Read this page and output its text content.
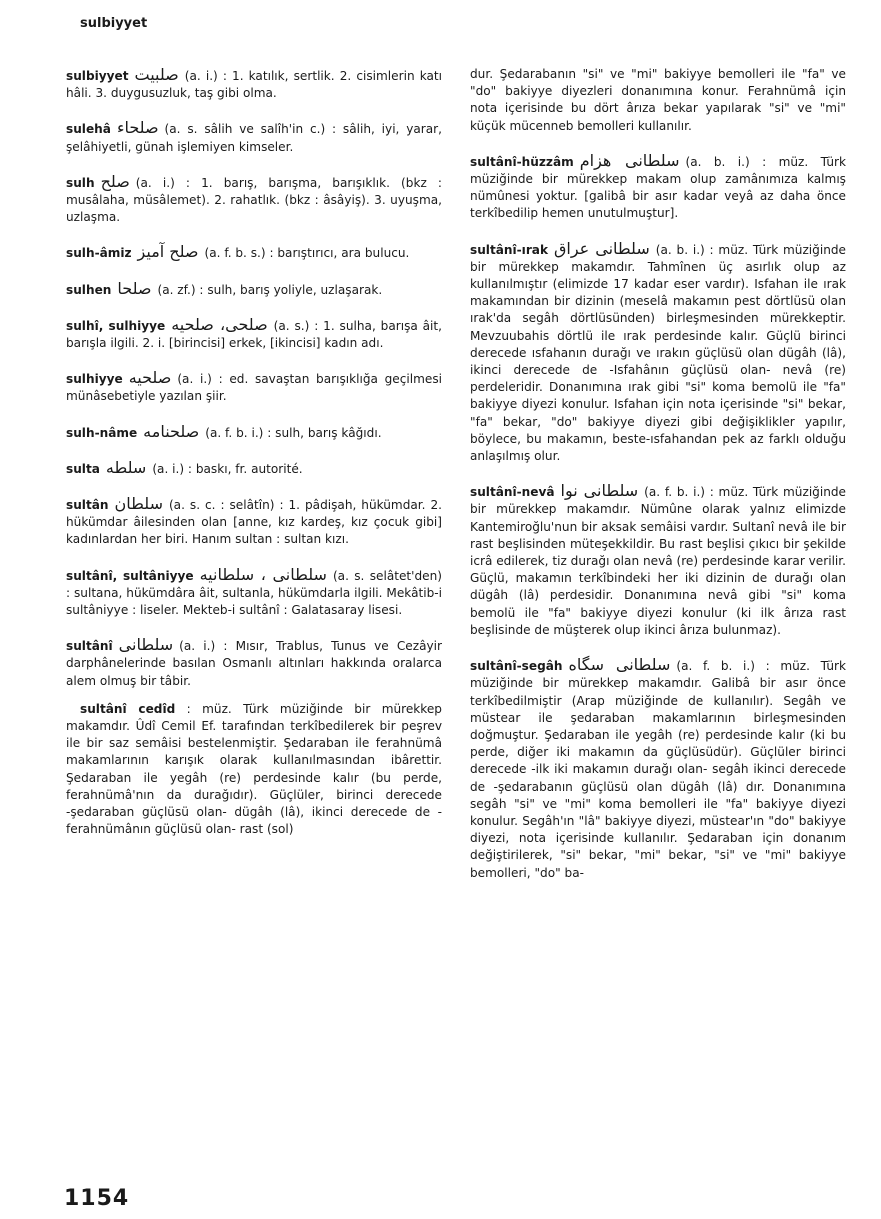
sulbiyyet
sulbiyyet صلبيت (a. i.) : 1. katılık, sertlik. 2. cisimlerin katı hâli. 3. duygusuzluk, taş gibi olma.
sulehâ صلحاء (a. s. sâlih ve salîh'in c.) : sâlih, iyi, yarar, şelâhiyetli, günah işlemiyen kimseler.
sulh صلح (a. i.) : 1. barış, barışma, barışıklık. (bkz : musâlaha, müsâlemet). 2. rahatlık. (bkz : âsâyiş). 3. uyuşma, uzlaşma.
sulh-âmiz صلح آميز (a. f. b. s.) : barıştırıcı, ara bulucu.
sulhen صلحا (a. zf.) : sulh, barış yoliyle, uzlaşarak.
sulhî, sulhiyye صلحى، صلحيه (a. s.) : 1. sulha, barışa âit, barışla ilgili. 2. i. [birincisi] erkek, [ikincisi] kadın adı.
sulhiyye صلحيه (a. i.) : ed. savaştan barışıklığa geçilmesi münâsebetiyle yazılan şiir.
sulh-nâme صلحنامه (a. f. b. i.) : sulh, barış kâğıdı.
sulta سلطه (a. i.) : baskı, fr. autorité.
sultân سلطان (a. s. c. : selâtîn) : 1. pâdişah, hükümdar. 2. hükümdar âilesinden olan [anne, kız kardeş, kız çocuk gibi] kadınlardan her biri. Hanım sultan : sultan kızı.
sultânî, sultâniyye سلطانى ، سلطانيه (a. s. selâtet'den) : sultana, hükümdâra âit, sultanla, hükümdarla ilgili. Mekâtib-i sultâniyye : liseler. Mekteb-i sultânî : Galatasaray lisesi.
sultânî سلطانى (a. i.) : Mısır, Trablus, Tunus ve Cezâyir darphânelerinde basılan Osmanlı altınları hakkında oralarca alem olmuş bir tâbir.
sultânî cedîd : müz. Türk müziğinde bir mürekkep makamdır. Ûdî Cemil Ef. tarafından terkîbedilerek bir peşrev ile bir saz semâisi bestelenmiştir. Şedaraban ile ferahnümâ makamlarının karışık olarak kullanılmasından ibârettir. Şedaraban ile yegâh (re) perdesinde kalır (bu perde, ferahnümâ'nın da durağıdır). Güçlüler, birinci derecede -şedaraban güçlüsü olan- dügâh (lâ), ikinci derecede de -ferahnümânın güçlüsü olan- rast (sol)
dur. Şedarabanın "si" ve "mi" bakiyye bemolleri ile "fa" ve "do" bakiyye diyezleri donanımına konur. Ferahnümâ için nota içerisinde bu dört ârıza bekar yapılarak "si" ve "mi" küçük mücenneb bemolleri kullanılır.
sultânî-hüzzâm سلطانى هزام (a. b. i.) : müz. Türk müziğinde bir mürekkep makam olup zamânımıza kalmış nümûnesi yoktur. [galibâ bir asır kadar veyâ az daha önce terkîbedilip hemen unutulmuştur].
sultânî-ırak سلطانى عراق (a. b. i.) : müz. Türk müziğinde bir mürekkep makamdır. Tahmînen üç asırlık olup az kullanılmıştır (elimizde 17 kadar eser vardır). Isfahan ile ırak makamından bir dizinin (meselâ makamın pest dörtlüsü olan ırak'da segâh dörtlüsünden) birleşmesinden mürekkeptir. Mevzuubahis dörtlü ile ırak perdesinde kalır. Güçlü birinci derecede ısfahanın durağı ve ırakın güçlüsü olan dügâh (lâ), ikinci derecede de -Isfahânın güçlüsü olan- nevâ (re) perdeleridir. Donanımına ırak gibi "si" koma bemolü ile "fa" bakiyye diyezi konulur. Isfahan için nota içerisinde "si" bekar, "fa" bekar, "do" bakiyye diyezi gibi değişiklikler yapılır, böylece, bu makamın, beste-ısfahandan pek az farklı olduğu anlaşılmış olur.
sultânî-nevâ سلطانى نوا (a. f. b. i.) : müz. Türk müziğinde bir mürekkep makamdır. Nümûne olarak yalnız elimizde Kantemiroğlu'nun bir aksak semâisi vardır. Sultanî nevâ ile bir rast beşlisinden müteşekkildir. Bu rast beşlisi çıkıcı bir şekilde icrâ edilerek, tiz durağı olan nevâ (re) perdesinde karar verilir. Güçlü, makamın terkîbindeki her iki dizinin de durağı olan dügâh (lâ) perdesidir. Donanımına nevâ gibi "si" koma bemolü ile "fa" bakiyye diyezi konulur (ki ilk ârıza rast beşlisinde de müşterek olup ikinci ârıza bulunmaz).
sultânî-segâh سلطانى سگاه (a. f. b. i.) : müz. Türk müziğinde bir mürekkep makamdır. Galibâ bir asır önce terkîbedilmiştir (Arap müziğinde de kullanılır). Segâh ve müstear ile şedaraban makamlarının birleşmesinden doğmuştur. Şedaraban ile yegâh (re) perdesinde kalır (ki bu perde, diğer iki makamın da güçlüsüdür). Güçlüler birinci derecede -ilk iki makamın durağı olan- segâh ikinci derecede de -şedarabanın güçlüsü olan dügâh (lâ) dır. Donanımına segâh "si" ve "mi" koma bemolleri ile "fa" bakiyye diyezi konulur. Segâh'ın "lâ" bakiyye diyezi, müstear'ın "do" bakiyye diyezi, nota içerisinde kullanılır. Şedaraban için donanım değiştirilerek, "si" bekar, "mi" bekar, "si" ve "mi" bakiyye bemolleri, "do" ba-
1154
